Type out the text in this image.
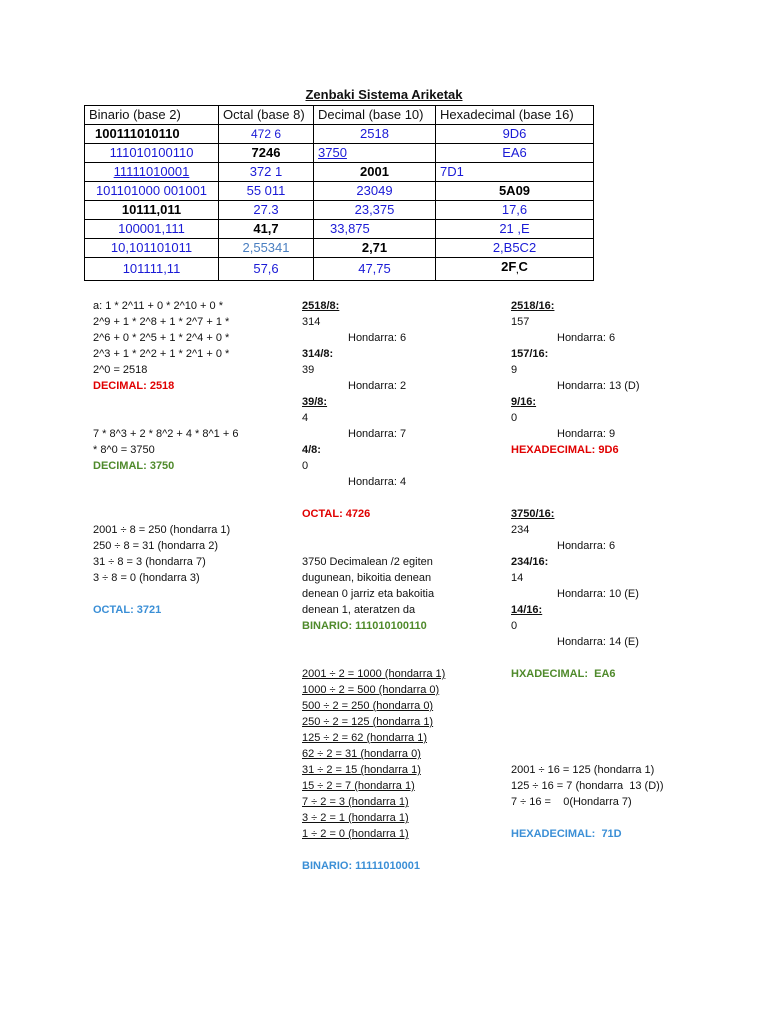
Zenbaki Sistema Ariketak
Binario (base 2)	Octal (base 8)	Decimal (base 10)	Hexadecimal (base 16)
100111010110	472 6	2518	9D6
111010100110	7246	3750	EA6
11111010001	372 1	2001	7D1
101101000 001001	55 011	23049	5A09
10111,011	27.3	23,375	17,6
100001,111	41,7	33,875	21 ,E
10,101101011	2,55341	2,71	2,B5C2
101111,11	57,6	47,75	$2F_,C$
a: 1 * 2^11 + 0 * 2^10 + 0 *
2^9 + 1 * 2^8 + 1 * 2^7 + 1 *
2^6 + 0 * 2^5 + 1 * 2^4 + 0 *
2^3 + 1 * 2^2 + 1 * 2^1 + 0 *
2^0 = 2518
DECIMAL: 2518
7 * 8^3 + 2 * 8^2 + 4 * 8^1 + 6
* 8^0 = 3750
DECIMAL: 3750
2001 ÷ 8 = 250 (hondarra 1)
250 ÷ 8 = 31 (hondarra 2)
31 ÷ 8 = 3 (hondarra 7)
3 ÷ 8 = 0 (hondarra 3)
OCTAL: 3721
2518/8:
314
Hondarra: 6
314/8:
39
Hondarra: 2
39/8:
4
Hondarra: 7
4/8:
0
Hondarra: 4
OCTAL: 4726
3750 Decimalean /2 egiten
dugunean, bikoitia denean
denean 0 jarriz eta bakoitia
denean 1, ateratzen da
BINARIO: 111010100110
2001 ÷ 2 = 1000 (hondarra 1)
1000 ÷ 2 = 500 (hondarra 0)
500 ÷ 2 = 250 (hondarra 0)
250 ÷ 2 = 125 (hondarra 1)
125 ÷ 2 = 62 (hondarra 1)
62 ÷ 2 = 31 (hondarra 0)
31 ÷ 2 = 15 (hondarra 1)
15 ÷ 2 = 7 (hondarra 1)
7 ÷ 2 = 3 (hondarra 1)
3 ÷ 2 = 1 (hondarra 1)
1 ÷ 2 = 0 (hondarra 1)
BINARIO: 11111010001
2518/16:
157
Hondarra: 6
157/16:
9
Hondarra: 13 (D)
9/16:
0
Hondarra: 9
HEXADECIMAL: 9D6
3750/16:
234
Hondarra: 6
234/16:
14
Hondarra: 10 (E)
14/16:
0
Hondarra: 14 (E)
HXADECIMAL:  EA6
2001 ÷ 16 = 125 (hondarra 1)
125 ÷ 16 = 7 (hondarra  13 (D))
7 ÷ 16 =    0(Hondarra 7)
HEXADECIMAL:  71D
